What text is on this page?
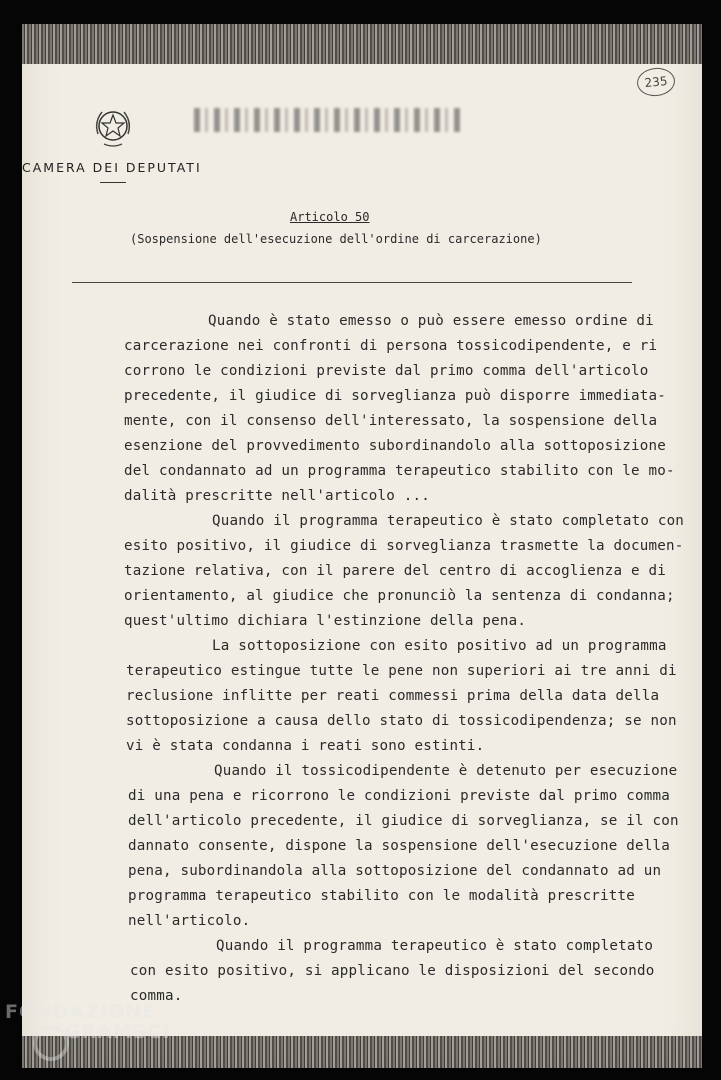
235
CAMERA DEI DEPUTATI
Articolo 50
(Sospensione dell'esecuzione dell'ordine di carcerazione)
Quando è stato emesso o può essere emesso ordine di
carcerazione nei confronti di persona tossicodipendente, e ri
corrono le condizioni previste dal primo comma dell'articolo
precedente, il giudice di sorveglianza può disporre immediata-
mente, con il consenso dell'interessato, la sospensione della
esenzione del provvedimento subordinandolo alla sottoposizione
del condannato ad un programma terapeutico stabilito con le mo-
dalità prescritte nell'articolo ...
Quando il programma terapeutico è stato completato con
esito positivo, il giudice di sorveglianza trasmette la documen-
tazione relativa, con il parere del centro di accoglienza e di
orientamento, al giudice che pronunciò la sentenza di condanna;
quest'ultimo dichiara l'estinzione della pena.
La sottoposizione con esito positivo ad un programma
terapeutico estingue tutte le pene non superiori ai tre anni di
reclusione inflitte per reati commessi prima della data della
sottoposizione a causa dello stato di tossicodipendenza; se non
vi è stata condanna i reati sono estinti.
Quando il tossicodipendente è detenuto per esecuzione
di una pena e ricorrono le condizioni previste dal primo comma
dell'articolo precedente, il giudice di sorveglianza, se il con
dannato consente, dispone la sospensione dell'esecuzione della
pena, subordinandola alla sottoposizione del condannato ad un
programma terapeutico stabilito con le modalità prescritte
nell'articolo.
Quando il programma terapeutico è stato completato
con esito positivo, si applicano le disposizioni del secondo
comma.
FONDAZIONE
GRAMSCI
